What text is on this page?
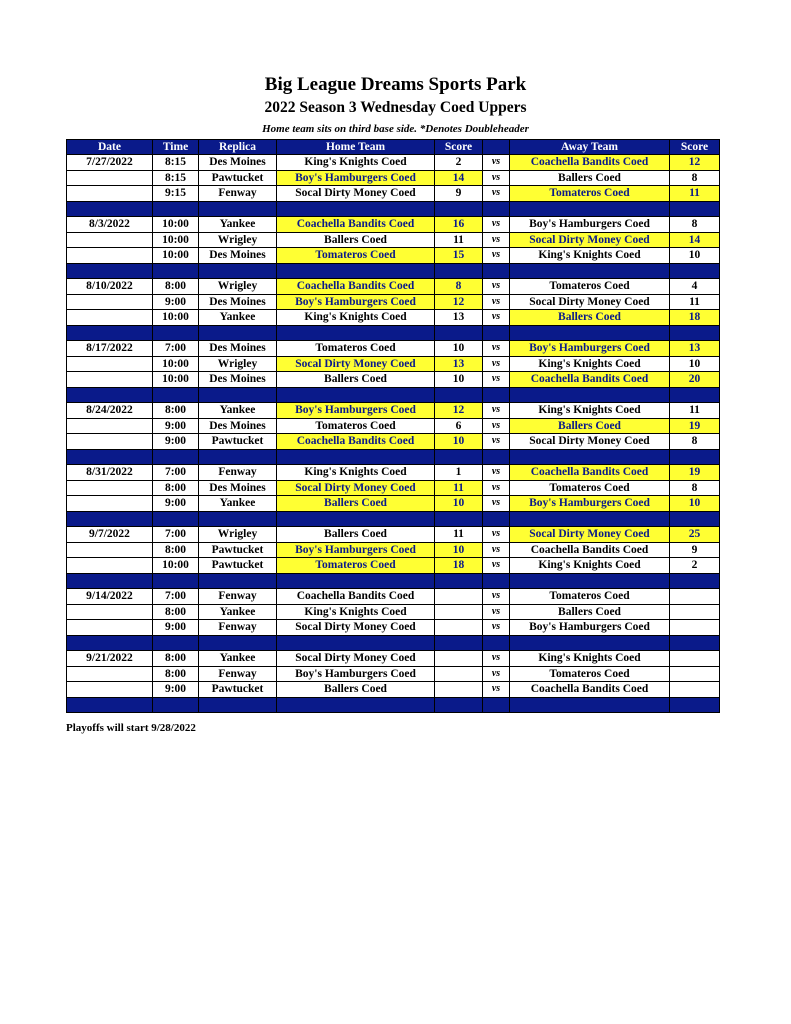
Big League Dreams Sports Park
2022 Season 3 Wednesday Coed Uppers
Home team sits on third base side. *Denotes Doubleheader
Date	Time	Replica	Home Team	Score		Away Team	Score
7/27/2022	8:15	Des Moines	King's Knights Coed	2	vs	Coachella Bandits Coed	12
	8:15	Pawtucket	Boy's Hamburgers Coed	14	vs	Ballers Coed	8
	9:15	Fenway	Socal Dirty Money Coed	9	vs	Tomateros Coed	11

8/3/2022	10:00	Yankee	Coachella Bandits Coed	16	vs	Boy's Hamburgers Coed	8
	10:00	Wrigley	Ballers Coed	11	vs	Socal Dirty Money Coed	14
	10:00	Des Moines	Tomateros Coed	15	vs	King's Knights Coed	10

8/10/2022	8:00	Wrigley	Coachella Bandits Coed	8	vs	Tomateros Coed	4
	9:00	Des Moines	Boy's Hamburgers Coed	12	vs	Socal Dirty Money Coed	11
	10:00	Yankee	King's Knights Coed	13	vs	Ballers Coed	18

8/17/2022	7:00	Des Moines	Tomateros Coed	10	vs	Boy's Hamburgers Coed	13
	10:00	Wrigley	Socal Dirty Money Coed	13	vs	King's Knights Coed	10
	10:00	Des Moines	Ballers Coed	10	vs	Coachella Bandits Coed	20

8/24/2022	8:00	Yankee	Boy's Hamburgers Coed	12	vs	King's Knights Coed	11
	9:00	Des Moines	Tomateros Coed	6	vs	Ballers Coed	19
	9:00	Pawtucket	Coachella Bandits Coed	10	vs	Socal Dirty Money Coed	8

8/31/2022	7:00	Fenway	King's Knights Coed	1	vs	Coachella Bandits Coed	19
	8:00	Des Moines	Socal Dirty Money Coed	11	vs	Tomateros Coed	8
	9:00	Yankee	Ballers Coed	10	vs	Boy's Hamburgers Coed	10

9/7/2022	7:00	Wrigley	Ballers Coed	11	vs	Socal Dirty Money Coed	25
	8:00	Pawtucket	Boy's Hamburgers Coed	10	vs	Coachella Bandits Coed	9
	10:00	Pawtucket	Tomateros Coed	18	vs	King's Knights Coed	2

9/14/2022	7:00	Fenway	Coachella Bandits Coed		vs	Tomateros Coed	
	8:00	Yankee	King's Knights Coed		vs	Ballers Coed	
	9:00	Fenway	Socal Dirty Money Coed		vs	Boy's Hamburgers Coed	

9/21/2022	8:00	Yankee	Socal Dirty Money Coed		vs	King's Knights Coed	
	8:00	Fenway	Boy's Hamburgers Coed		vs	Tomateros Coed	
	9:00	Pawtucket	Ballers Coed		vs	Coachella Bandits Coed	

Playoffs will start 9/28/2022
